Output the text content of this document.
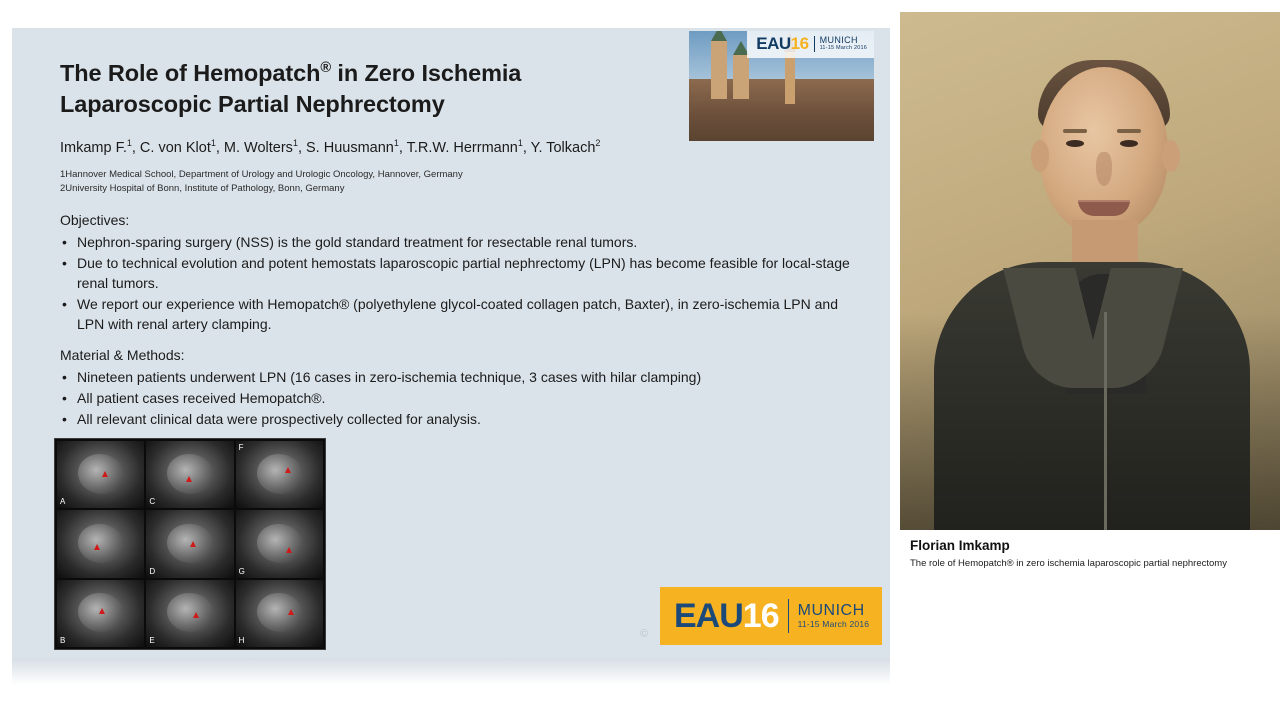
EAU16 MUNICH
11-15 March 2016
The Role of Hemopatch® in Zero Ischemia
Laparoscopic Partial Nephrectomy
Imkamp F.$^1$, C. von Klot$^1$, M. Wolters$^1$, S. Huusmann$^1$, T.R.W. Herrmann$^1$, Y. Tolkach$^2$
1Hannover Medical School, Department of Urology and Urologic Oncology, Hannover, Germany
2University Hospital of Bonn, Institute of Pathology, Bonn, Germany
Objectives:
• Nephron-sparing surgery (NSS) is the gold standard treatment for resectable renal tumors.
• Due to technical evolution and potent hemostats laparoscopic partial nephrectomy (LPN) has become feasible for local-stage renal tumors.
• We report our experience with Hemopatch® (polyethylene glycol-coated collagen patch, Baxter), in zero-ischemia LPN and LPN with renal artery clamping.
Material & Methods:
• Nineteen patients underwent LPN (16 cases in zero-ischemia technique, 3 cases with hilar clamping)
• All patient cases received Hemopatch®.
• All relevant clinical data were prospectively collected for analysis.
A	C
F
D	G
B	E	H
EAU16 MUNICH
11-15 March 2016
©
Florian Imkamp
The role of Hemopatch® in zero ischemia laparoscopic partial nephrectomy
